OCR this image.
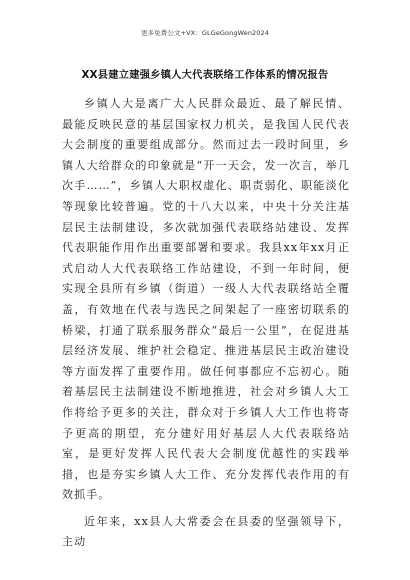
更多免费公文+VX：GLGeGongWen2024
XX县建立建强乡镇人大代表联络工作体系的情况报告

乡镇人大是离广大人民群众最近、最了解民情、最能反映民意的基层国家权力机关，是我国人民代表大会制度的重要组成部分。然而过去一段时间里，乡镇人大给群众的印象就是“开一天会，发一次言，举几次手……”，乡镇人大职权虚化、职责弱化、职能淡化等现象比较普遍。党的十八大以来，中央十分关注基层民主法制建设，多次就加强代表联络站建设、发挥代表职能作用作出重要部署和要求。我县xx年xx月正式启动人大代表联络工作站建设，不到一年时间，便实现全县所有乡镇（街道）一级人大代表联络站全覆盖，有效地在代表与选民之间架起了一座密切联系的桥梁，打通了联系服务群众“最后一公里”，在促进基层经济发展、维护社会稳定、推进基层民主政治建设等方面发挥了重要作用。做任何事都应不忘初心。随着基层民主法制建设不断地推进，社会对乡镇人大工作将给予更多的关注，群众对于乡镇人大工作也将寄予更高的期望，充分建好用好基层人大代表联络站室，是更好发挥人民代表大会制度优越性的实践举措，也是夯实乡镇人大工作、充分发挥代表作用的有效抓手。

近年来，xx县人大常委会在县委的坚强领导下，主动
